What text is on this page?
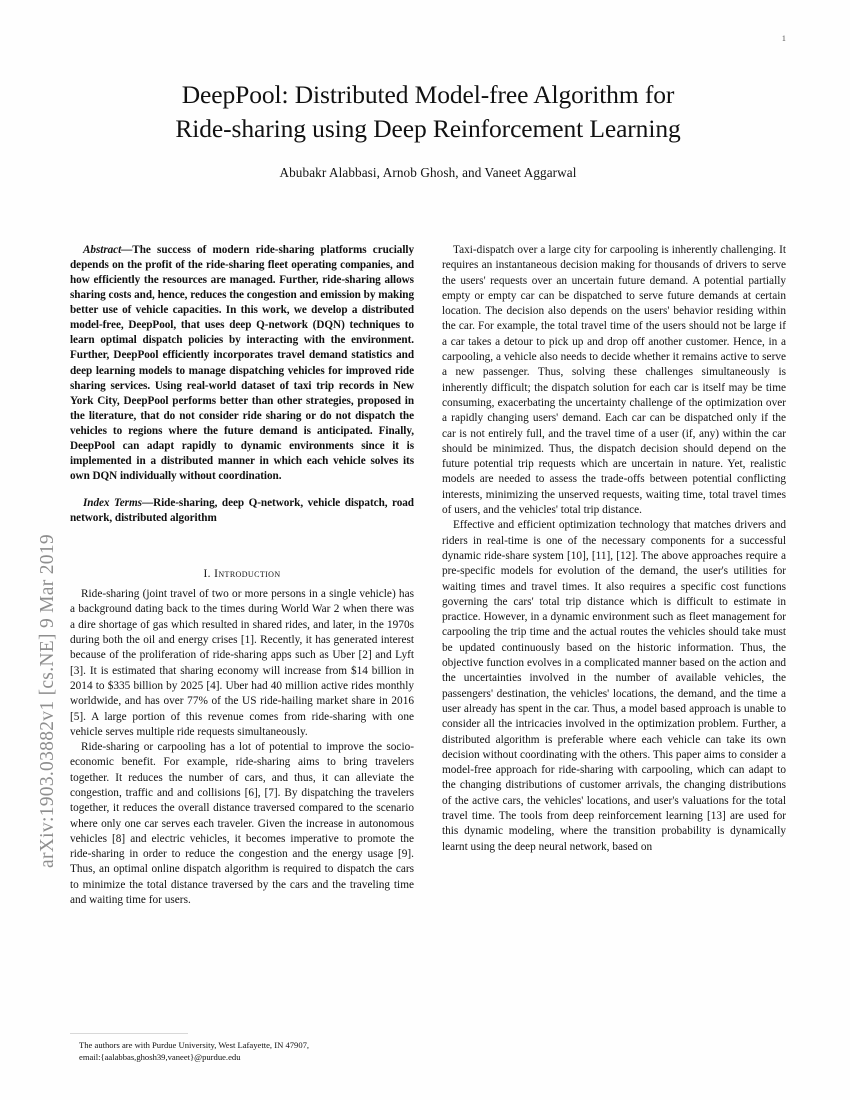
arXiv:1903.03882v1 [cs.NE] 9 Mar 2019
1
DeepPool: Distributed Model-free Algorithm for
Ride-sharing using Deep Reinforcement Learning
Abubakr Alabbasi, Arnob Ghosh, and Vaneet Aggarwal

Abstract—The success of modern ride-sharing platforms crucially depends on the profit of the ride-sharing fleet operating companies, and how efficiently the resources are managed. Further, ride-sharing allows sharing costs and, hence, reduces the congestion and emission by making better use of vehicle capacities. In this work, we develop a distributed model-free, DeepPool, that uses deep Q-network (DQN) techniques to learn optimal dispatch policies by interacting with the environment. Further, DeepPool efficiently incorporates travel demand statistics and deep learning models to manage dispatching vehicles for improved ride sharing services. Using real-world dataset of taxi trip records in New York City, DeepPool performs better than other strategies, proposed in the literature, that do not consider ride sharing or do not dispatch the vehicles to regions where the future demand is anticipated. Finally, DeepPool can adapt rapidly to dynamic environments since it is implemented in a distributed manner in which each vehicle solves its own DQN individually without coordination.

Index Terms—Ride-sharing, deep Q-network, vehicle dispatch, road network, distributed algorithm

I. Introduction

Ride-sharing (joint travel of two or more persons in a single vehicle) has a background dating back to the times during World War 2 when there was a dire shortage of gas which resulted in shared rides, and later, in the 1970s during both the oil and energy crises [1]. Recently, it has generated interest because of the proliferation of ride-sharing apps such as Uber [2] and Lyft [3]. It is estimated that sharing economy will increase from $14 billion in 2014 to $335 billion by 2025 [4]. Uber had 40 million active rides monthly worldwide, and has over 77% of the US ride-hailing market share in 2016 [5]. A large portion of this revenue comes from ride-sharing with one vehicle serves multiple ride requests simultaneously.

Ride-sharing or carpooling has a lot of potential to improve the socio-economic benefit. For example, ride-sharing aims to bring travelers together. It reduces the number of cars, and thus, it can alleviate the congestion, traffic and and collisions [6], [7]. By dispatching the travelers together, it reduces the overall distance traversed compared to the scenario where only one car serves each traveler. Given the increase in autonomous vehicles [8] and electric vehicles, it becomes imperative to promote the ride-sharing in order to reduce the congestion and the energy usage [9]. Thus, an optimal online dispatch algorithm is required to dispatch the cars to minimize the total distance traversed by the cars and the traveling time and waiting time for users.

The authors are with Purdue University, West Lafayette, IN 47907,
email:{aalabbas,ghosh39,vaneet}@purdue.edu

Taxi-dispatch over a large city for carpooling is inherently challenging. It requires an instantaneous decision making for thousands of drivers to serve the users' requests over an uncertain future demand. A potential partially empty or empty car can be dispatched to serve future demands at certain location. The decision also depends on the users' behavior residing within the car. For example, the total travel time of the users should not be large if a car takes a detour to pick up and drop off another customer. Hence, in a carpooling, a vehicle also needs to decide whether it remains active to serve a new passenger. Thus, solving these challenges simultaneously is inherently difficult; the dispatch solution for each car is itself may be time consuming, exacerbating the uncertainty challenge of the optimization over a rapidly changing users' demand. Each car can be dispatched only if the car is not entirely full, and the travel time of a user (if, any) within the car should be minimized. Thus, the dispatch decision should depend on the future potential trip requests which are uncertain in nature. Yet, realistic models are needed to assess the trade-offs between potential conflicting interests, minimizing the unserved requests, waiting time, total travel times of users, and the vehicles' total trip distance.

Effective and efficient optimization technology that matches drivers and riders in real-time is one of the necessary components for a successful dynamic ride-share system [10], [11], [12]. The above approaches require a pre-specific models for evolution of the demand, the user's utilities for waiting times and travel times. It also requires a specific cost functions governing the cars' total trip distance which is difficult to estimate in practice. However, in a dynamic environment such as fleet management for carpooling the trip time and the actual routes the vehicles should take must be updated continuously based on the historic information. Thus, the objective function evolves in a complicated manner based on the action and the uncertainties involved in the number of available vehicles, the passengers' destination, the vehicles' locations, the demand, and the time a user already has spent in the car. Thus, a model based approach is unable to consider all the intricacies involved in the optimization problem. Further, a distributed algorithm is preferable where each vehicle can take its own decision without coordinating with the others. This paper aims to consider a model-free approach for ride-sharing with carpooling, which can adapt to the changing distributions of customer arrivals, the changing distributions of the active cars, the vehicles' locations, and user's valuations for the total travel time. The tools from deep reinforcement learning [13] are used for this dynamic modeling, where the transition probability is dynamically learnt using the deep neural network, based on
